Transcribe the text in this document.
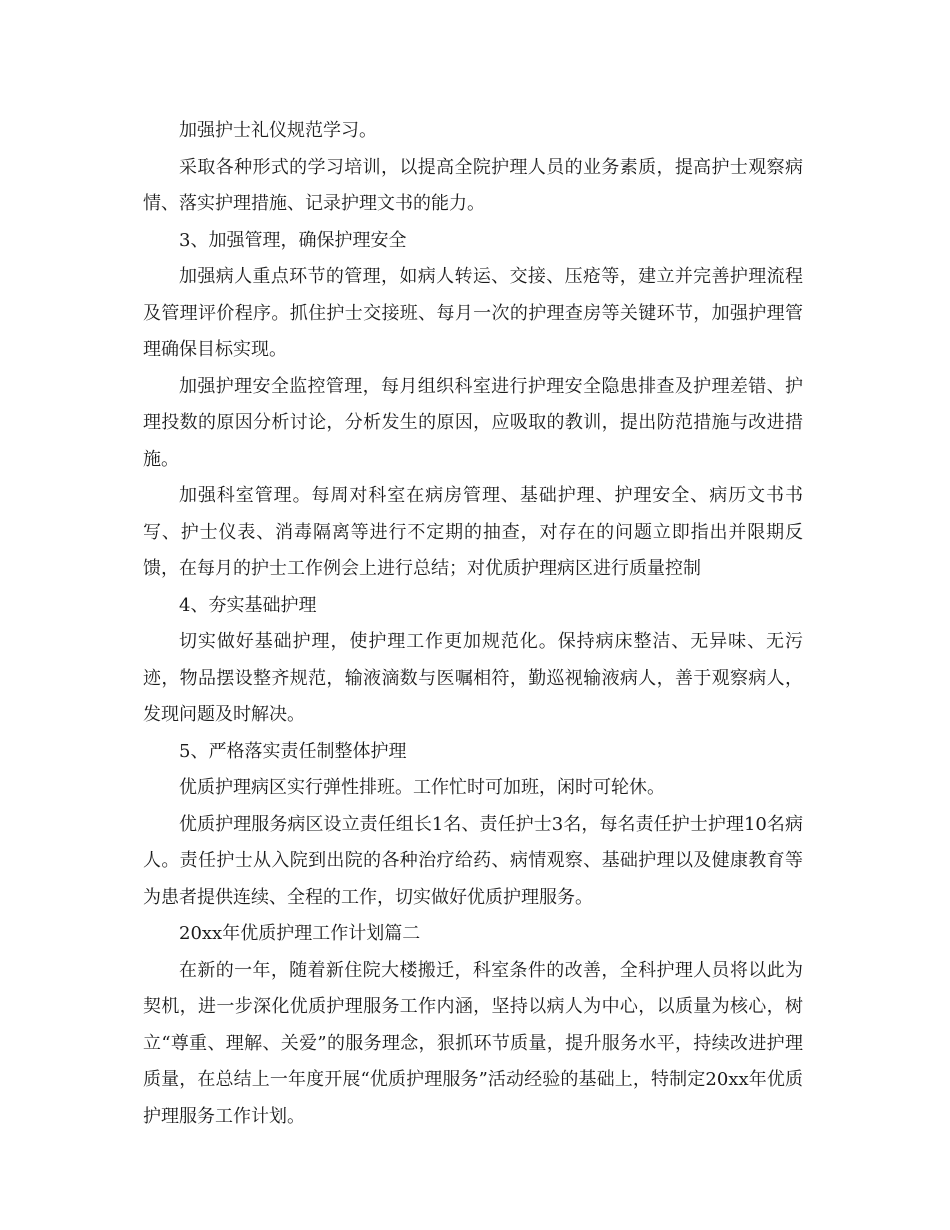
加强护士礼仪规范学习。

采取各种形式的学习培训，以提高全院护理人员的业务素质，提高护士观察病情、落实护理措施、记录护理文书的能力。

3、加强管理，确保护理安全

加强病人重点环节的管理，如病人转运、交接、压疮等，建立并完善护理流程及管理评价程序。抓住护士交接班、每月一次的护理查房等关键环节，加强护理管理确保目标实现。

加强护理安全监控管理，每月组织科室进行护理安全隐患排查及护理差错、护理投数的原因分析讨论，分析发生的原因，应吸取的教训，提出防范措施与改进措施。

加强科室管理。每周对科室在病房管理、基础护理、护理安全、病历文书书写、护士仪表、消毒隔离等进行不定期的抽查，对存在的问题立即指出并限期反馈，在每月的护士工作例会上进行总结；对优质护理病区进行质量控制

4、夯实基础护理

切实做好基础护理，使护理工作更加规范化。保持病床整洁、无异味、无污迹，物品摆设整齐规范，输液滴数与医嘱相符，勤巡视输液病人，善于观察病人，发现问题及时解决。

5、严格落实责任制整体护理

优质护理病区实行弹性排班。工作忙时可加班，闲时可轮休。

优质护理服务病区设立责任组长1名、责任护士3名，每名责任护士护理10名病人。责任护士从入院到出院的各种治疗给药、病情观察、基础护理以及健康教育等为患者提供连续、全程的工作，切实做好优质护理服务。

20xx年优质护理工作计划篇二

在新的一年，随着新住院大楼搬迁，科室条件的改善，全科护理人员将以此为契机，进一步深化优质护理服务工作内涵，坚持以病人为中心，以质量为核心，树立“尊重、理解、关爱”的服务理念，狠抓环节质量，提升服务水平，持续改进护理质量，在总结上一年度开展“优质护理服务”活动经验的基础上，特制定20xx年优质护理服务工作计划。
